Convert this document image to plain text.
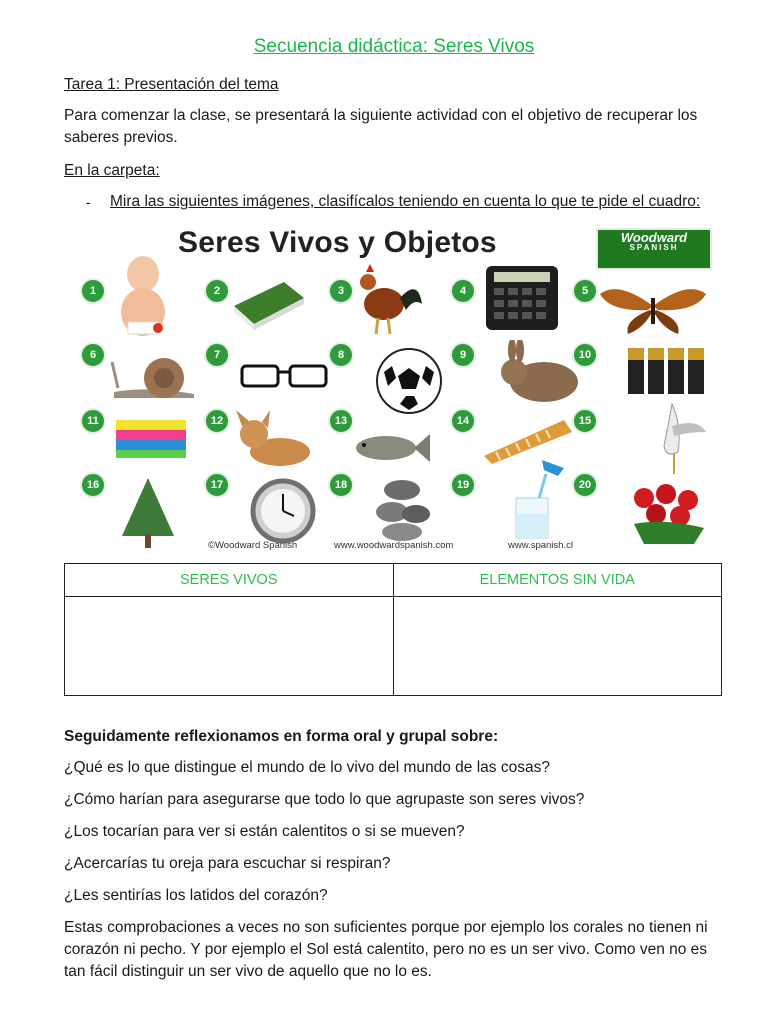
Secuencia didáctica: Seres Vivos
Tarea 1: Presentación del tema
Para comenzar la clase, se presentará la siguiente actividad con el objetivo de recuperar los saberes previos.
En la carpeta:
- Mira las siguientes imágenes, clasifícalos teniendo en cuenta lo que te pide el cuadro:
Seres Vivos y Objetos	Woodward
SPANISH
1	2	3	4	5
6	7	8	9	10
11	12	13	14	15
16	17	18	19	20
©Woodward Spanish	www.woodwardspanish.com	www.spanish.cl
SERES VIVOS	ELEMENTOS SIN VIDA

Seguidamente reflexionamos en forma oral y grupal sobre:
¿Qué es lo que distingue el mundo de lo vivo del mundo de las cosas?
¿Cómo harían para asegurarse que todo lo que agrupaste son seres vivos?
¿Los tocarían para ver si están calentitos o si se mueven?
¿Acercarías tu oreja para escuchar si respiran?
¿Les sentirías los latidos del corazón?
Estas comprobaciones a veces no son suficientes porque por ejemplo los corales no tienen ni corazón ni pecho. Y por ejemplo el Sol está calentito, pero no es un ser vivo. Como ven no es tan fácil distinguir un ser vivo de aquello que no lo es.
